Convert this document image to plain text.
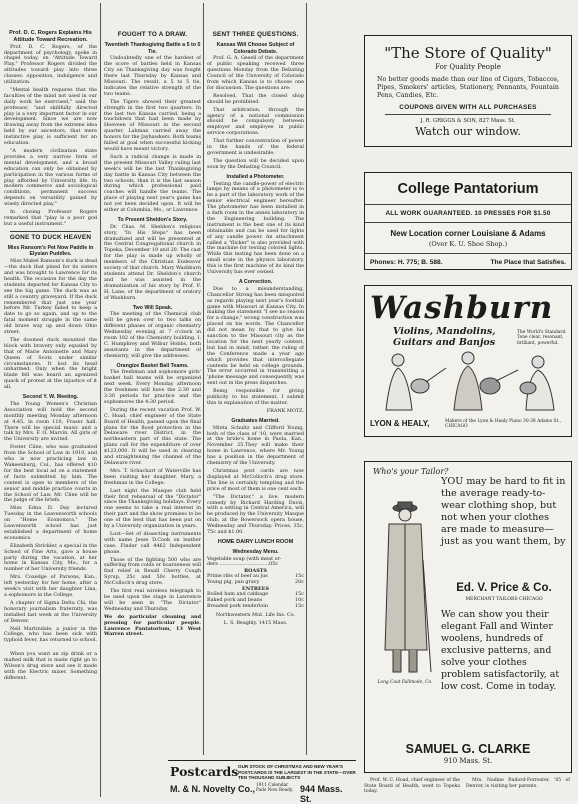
Prof. D. C. Rogers Explains His Attitude Toward Recreation.

Prof. D. C. Rogers, of the department of psychology, spoke in chapel today, on "Attitude Toward Play." Professor Rogers divided the attitudes toward play into three classes: opposition, indulgence and utilization.

"Mental health requires that the faculties of the mind not used in our daily work be exercised," said the professor, "and skillfully directed play is a very important factor in our development. Since we are now drawing away from the extreme idea held by our ancestors, that mere instinctive play is sufficient for an education.

"A modern civilization state provides a very narrow form of mental development, and a broad education can only be obtained by participation in the various forms of play afforded by University life. In modern commerce and sociological conditions, permanent success depends on versatility gained by wisely directed play."

In closing Professor Rogers remarked that "play is a poor god but a useful instrument."

GONE TO DUCK HEAVEN
Miss Ransom's Pet Now Paddle in Elysian Puddles.

Miss Mabel Ransom's duck is dead—the duck that pined for its sisters and was brought to Lawrence for its health. The occasion for the day the students departed for Kansas City to see the big game. The duck was as still a country graveyard. If the duck remembered that just one year before Mr. Turkey failed to keep a date to go so again, and up to the fatal moment struggle in the same old brave way up and down Ohio street.

The doomed duck mounted the block with bravery only equaled by that of Marie Antoinette and Mary Queen of Scots under similar circumstances. It lost its head unharmed. Only when the bright blade fell was heard an agonized quack of protest at the injustice of it all.

Second Y. W. Meeting.

The Young Women's Christian Association will hold the second monthly meeting Monday afternoon at 4:45, in room 110, Fraser hall. There will be special music and a talk by Mrs. F. O. Marvin. All girls of the University are invited.

Foster Cline, who was graduated from the School of Law in 1910, and who is now practicing law in Wakeenburg, Col., has offered $10 for the best local ad on a statement of facts submitted by him. The contest is open to members of the senior and middle practice courts in the School of Law. Mr. Cline will be the judge of the briefs.

Miss Edna D. Day lectured Tuesday in the Leavenworth schools on "Home Economics." The Leavenworth school has just established a department of home economics.

Elizabeth Strickler, a special in the School of Fine Arts, gave a house party during the vacation, at her home in Kansas City, Mo., for a number of her University friends.

Mrs. Coxedge of Parsons, Kan., left yesterday for her home, after a week's visit with her daughter Lina, a sophomore in the College.

A chapter of Sigma Delta Chi, the honorary journalism fraternity, was installed last week at the University of Denver.

Nell Martindale, a junior in the College, who has been sick with typhoid fever, has returned to school.

When you want an zip drink or a malted milk that is made right go to Wilson's drug store and see it made with the Electric mixer. Something different.

FOUGHT TO A DRAW.
Twentieth Thanksgiving Battle a 5 to 5 Tie.

Undoubtedly one of the hardest of the score of battles held in Kansas City on Thanksgiving day was fought there last Thursday by Kansas and Missouri. The result, a 5 to 5 tie, indicates the relative strength of the two teams.

The Tigers showed their greatest strength in the first two quarters. In the last two Kansas carried, being a touchdown that had been made by Hoeveen of Missouri in the second quarter, Lahman carried away the honors for the Jayhawkers. Both teams failed at goal when successful kicking would have meant victory.

Such a radical change is made in the present Missouri Valley ruling last week's will be the last Thanksgiving day battle in Kansas City between the two schools, than it is the last season during which professional paid coaches will handle the teams. The place of playing next year's game has not yet been decided upon. It will be either at Columbia, Mo., or Lawrence.

To Present Sheldon's Story.

Dr. Chas. M. Sheldon's religious story, "In His Steps" has been dramatized and will be presented at the Central Congregational church in Topeka, December 19 and 20. The cast for the play is made up wholly of members of the Christian Endeavor society of that church. Mary Washburn students attend Dr. Sheldon's church and he was assisted in the dramatization of his story by Prof. F. H. Lane, of the department of oratory of Washburn.

Two Will Speak.

The meeting of the Chemical club will be given over to two talks on different phases of organic chemistry Wednesday evening at 7 o'clock in room 102 of the Chemistry building. I. C. Humphrey and Wilbur Hobbs, both assistants in the department of chemistry, will give the addresses.

Orangize Basket Ball Teams.

The freshman and sophomore girls' basket ball teams will be organized next week. Every Monday afternoon the freshmen will have the 2:30 and 3:30 periods for practice and the sophomores the 4:30 period.

During the recent vacation Prof. W. C. Hoad, chief engineer of the State Board of Health, passed upon the final plans for the flood protection in the Delaware river District, in the northeastern part of this state. The plans call for the expenditure of over $123,000. It will be used in clearing and straightening the channel of the Delaware river.

Mrs. T. Schuchart of Waterville has been visiting her daughter, Mary, a freshman in the College.

Last night the Masque club held their first rehearsal of the "Dictator" since the Thanksgiving holidays. Every one seems to take a real interest in their part and the show promises to be one of the best that has been put on by a University organization in years.

Lost—Set of dissecting instruments with name Jesse D.Cook on leather case. Finder call 4462 Independent phone.

Those of the fighting 500 who are suffering from colds or hoarseness will find relief in Rexall Cherry Cough Syrup, 25c and 50c bottles, at McColloch's drug store.

The first real wireless telegraph to be used upon the stage in Lawrence will be seen in "The Dictator" Wednesday and Thursday.

We do particular cleaning and pressing for particular people. Lawrence Pantatorium, 13 West Warren street.

SENT THREE QUESTIONS.
Kansas Will Choose Subject of Colorado Debate.

Prof. G. A. Gesell of the department of public speaking received three questions Monday from the Debating Council of the University of Colorado from which Kansas is to choose one for discussion. The questions are:

Resolved, That the closed shop should be prohibited.

That arbitration, through the agency of a national commission should be compulsory between employer and employee in public service corporations.

That further concentration of power in the hands of the federal government is undesirable.

The question will be decided upon soon by the Debating Council.

Installed a Photometer.

Testing the candle-power of electric lamps by means of a photometer is to be a part of the laboratory work of the senior electrical engineer hereafter. The photometer has been installed in a dark room in the annex laboratory in the Engineering building. The instrument is the best one of its kind obtainable and can be used for lights of any candle power. An attachment called a "flicker" is also provided with the machine for testing colored lights. While this testing has been done on a small scale in the physics laboratory, this is the first machine of its kind the University has ever owned.

A Correction.

Due to a misunderstanding, Chancellor Strong has been misquoted as regards playing next year's football game with Missouri at Kansas City. In making the statement "I see no reason for a change," wrong construction was placed on his words. The Chancellor did not mean by that to give his sanction to the Missouri city as the location for the next yearly contest, but had in mind, rather, the ruling of the Conference made a year ago which provides that intercollegiate contests be held on college grounds. The error occurred in transmitting a 'phone message and consequently was sent out in the press dispatches.

Being responsible for giving publicity to his statement, I submit this in explanation of the matter.

FRANK MOTZ.

Graduates Married.

Minta Schultz and Clifford Young, both of the class of '10, were married at the bride's home in Paola, Kan., November 25.They will make their home in Lawrence, where Mr. Young has a position in the department of chemistry of the University.

Christmas post cards are now displayed at McColloch's drug store. The line is certainly tempting and the price of most of them is one cent each.

"The Dictator," a live, modern comedy by Richard Harding Davis, with a setting in Central America, will be produced by the University Masque club, at the Bowersock opera house, Wednesday and Thursday. Prices, 35c, 75c and $1.00.

HOME DAIRY LUNCH ROOM
Wednesday Menu.
Vegetable soup (with meat or-
ders ................................05c
ROASTS
Prime ribs of beef au jus	15c
Young pig, pan gravy	20c
ENTREES
Boiled ham and cabbage	15c
Baked pork and beans	10c
Breaded pork tenderloin	15c

Northwestern Mut. Life Ins. Co.

L. S. Beaghly. 1415 Mass.

"The Store of Quality"
For Quality People
No better goods made than our line of Cigars, Tobaccos, Pipes, Smokers' articles, Stationery, Pennants, Fountain Pens, Candies, Etc.
COUPONS GIVEN WITH ALL PURCHASES
J. R. GRIGGS & SON, 827 Mass. St.
Watch our window.
College Pantatorium
ALL WORK GUARANTEED. 10 PRESSES FOR $1.50
New Location corner Louisiane & Adams
(Over K. U. Shoe Shop.)
Phones: H. 775; B. 588.	The Place that Satisfies.
Washburn
Violins, Mandolins, Guitars and Banjos
The World's Standard. Tone clear, resonant, brilliant, powerful.
LYON & HEALY,	Makers of the Lyon & Healy Piano 30-38 Adams St., CHICAGO
Who's your Tailor?
Long Coat Fallmode, Co.
YOU may be hard to fit in the average ready-to-wear clothing shop, but not when your clothes are made to measure—just as you want them, by
Ed. V. Price & Co.
MERCHANT TAILORS CHICAGO
We can show you their elegant Fall and Winter woolens, hundreds of exclusive patterns, and solve your clothes problem satisfactorily, at low cost. Come in today.
SAMUEL G. CLARKE
910 Mass. St.
Postcards OUR STOCK OF CHRISTMAS AND NEW YEAR'S POSTCARDS IS THE LARGEST IN THE STATE—OVER TEN THOUSAND SUBJECTS
M. & N. Novelty Co., 1911 Calendar Pads Now Ready. 944 Mass. St.
Prof. W. C. Hoad, chief engineer of the State Board of Health, went to Topeka today.
Mrs. Nadine Rudord-Forrester, '05 of Denver, is visiting her parents.
